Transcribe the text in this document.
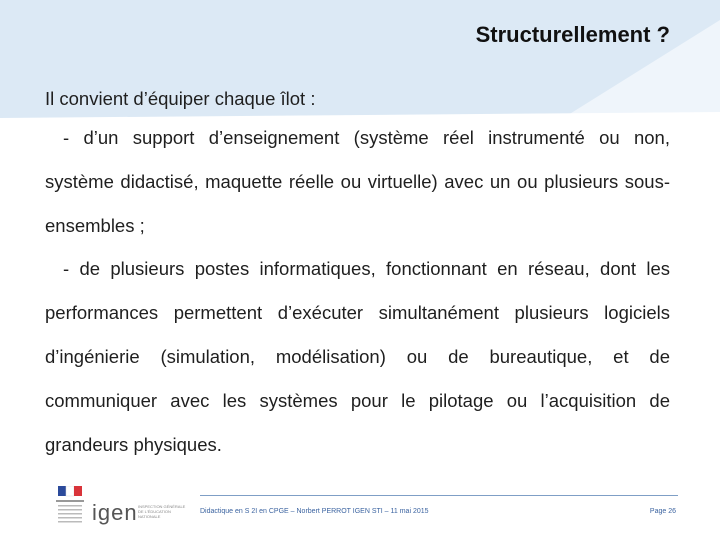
Structurellement ?
Il convient d’équiper chaque îlot :
- d’un support d’enseignement (système réel instrumenté ou non, système didactisé, maquette réelle ou virtuelle) avec un ou plusieurs sous-ensembles ;
- de plusieurs postes informatiques, fonctionnant en réseau, dont les performances permettent d’exécuter simultanément plusieurs logiciels d’ingénierie (simulation, modélisation) ou de bureautique, et de communiquer avec les systèmes pour le pilotage ou l’acquisition de grandeurs physiques.
igen INSPECTION GÉNÉRALE DE L'ÉDUCATION NATIONALE
Didactique en S 2I en CPGE – Norbert PERROT IGEN STI – 11 mai 2015	Page 26
